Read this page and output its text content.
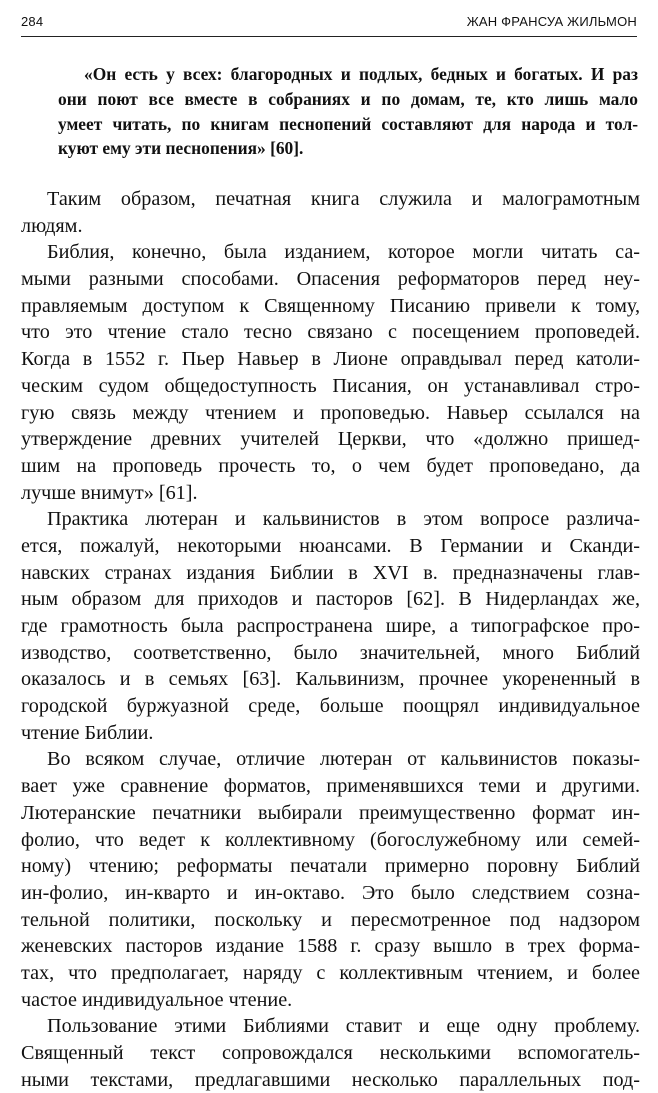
284	ЖАН ФРАНСУА ЖИЛЬМОН
«Он есть у всех: благородных и подлых, бедных и богатых. И раз
они поют все вместе в собраниях и по домам, те, кто лишь мало
умеет читать, по книгам песнопений составляют для народа и тол-
куют ему эти песнопения» [60].
Таким образом, печатная книга служила и малограмотным
людям.
Библия, конечно, была изданием, которое могли читать са-
мыми разными способами. Опасения реформаторов перед неу-
правляемым доступом к Священному Писанию привели к тому,
что это чтение стало тесно связано с посещением проповедей.
Когда в 1552 г. Пьер Навьер в Лионе оправдывал перед католи-
ческим судом общедоступность Писания, он устанавливал стро-
гую связь между чтением и проповедью. Навьер ссылался на
утверждение древних учителей Церкви, что «должно пришед-
шим на проповедь прочесть то, о чем будет проповедано, да
лучше внимут» [61].
Практика лютеран и кальвинистов в этом вопросе различа-
ется, пожалуй, некоторыми нюансами. В Германии и Сканди-
навских странах издания Библии в XVI в. предназначены глав-
ным образом для приходов и пасторов [62]. В Нидерландах же,
где грамотность была распространена шире, а типографское про-
изводство, соответственно, было значительней, много Библий
оказалось и в семьях [63]. Кальвинизм, прочнее укорененный в
городской буржуазной среде, больше поощрял индивидуальное
чтение Библии.
Во всяком случае, отличие лютеран от кальвинистов показы-
вает уже сравнение форматов, применявшихся теми и другими.
Лютеранские печатники выбирали преимущественно формат ин-
фолио, что ведет к коллективному (богослужебному или семей-
ному) чтению; реформаты печатали примерно поровну Библий
ин-фолио, ин-кварто и ин-октаво. Это было следствием созна-
тельной политики, поскольку и пересмотренное под надзором
женевских пасторов издание 1588 г. сразу вышло в трех форма-
тах, что предполагает, наряду с коллективным чтением, и более
частое индивидуальное чтение.
Пользование этими Библиями ставит и еще одну проблему.
Священный текст сопровождался несколькими вспомогатель-
ными текстами, предлагавшими несколько параллельных под-
